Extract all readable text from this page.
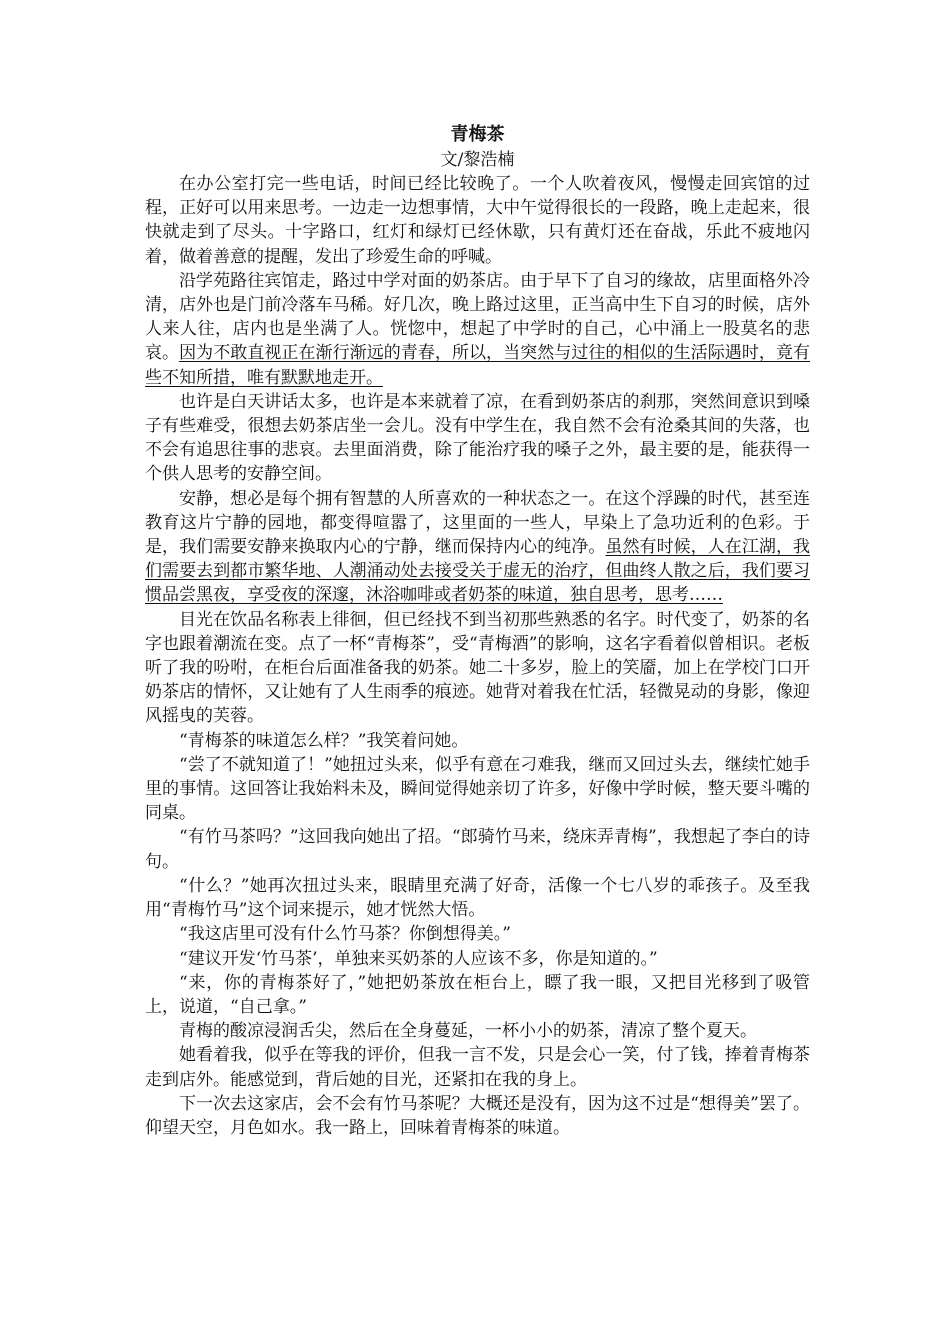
青梅茶

文/黎浩楠

在办公室打完一些电话，时间已经比较晚了。一个人吹着夜风，慢慢走回宾馆的过程，正好可以用来思考。一边走一边想事情，大中午觉得很长的一段路，晚上走起来，很快就走到了尽头。十字路口，红灯和绿灯已经休歇，只有黄灯还在奋战，乐此不疲地闪着，做着善意的提醒，发出了珍爱生命的呼喊。

沿学苑路往宾馆走，路过中学对面的奶茶店。由于早下了自习的缘故，店里面格外冷清，店外也是门前冷落车马稀。好几次，晚上路过这里，正当高中生下自习的时候，店外人来人往，店内也是坐满了人。恍惚中，想起了中学时的自己，心中涌上一股莫名的悲哀。因为不敢直视正在渐行渐远的青春，所以，当突然与过往的相似的生活际遇时，竟有些不知所措，唯有默默地走开。

也许是白天讲话太多，也许是本来就着了凉，在看到奶茶店的刹那，突然间意识到嗓子有些难受，很想去奶茶店坐一会儿。没有中学生在，我自然不会有沧桑其间的失落，也不会有追思往事的悲哀。去里面消费，除了能治疗我的嗓子之外，最主要的是，能获得一个供人思考的安静空间。

安静，想必是每个拥有智慧的人所喜欢的一种状态之一。在这个浮躁的时代，甚至连教育这片宁静的园地，都变得喧嚣了，这里面的一些人，早染上了急功近利的色彩。于是，我们需要安静来换取内心的宁静，继而保持内心的纯净。虽然有时候，人在江湖，我们需要去到都市繁华地、人潮涌动处去接受关于虚无的治疗，但曲终人散之后，我们要习惯品尝黑夜，享受夜的深邃，沐浴咖啡或者奶茶的味道，独自思考，思考……

目光在饮品名称表上徘徊，但已经找不到当初那些熟悉的名字。时代变了，奶茶的名字也跟着潮流在变。点了一杯“青梅茶”，受“青梅酒”的影响，这名字看着似曾相识。老板听了我的吩咐，在柜台后面准备我的奶茶。她二十多岁，脸上的笑靥，加上在学校门口开奶茶店的情怀，又让她有了人生雨季的痕迹。她背对着我在忙活，轻微晃动的身影，像迎风摇曳的芙蓉。

“青梅茶的味道怎么样？”我笑着问她。

“尝了不就知道了！”她扭过头来，似乎有意在刁难我，继而又回过头去，继续忙她手里的事情。这回答让我始料未及，瞬间觉得她亲切了许多，好像中学时候，整天要斗嘴的同桌。

“有竹马茶吗？”这回我向她出了招。“郎骑竹马来，绕床弄青梅”，我想起了李白的诗句。

“什么？”她再次扭过头来，眼睛里充满了好奇，活像一个七八岁的乖孩子。及至我用“青梅竹马”这个词来提示，她才恍然大悟。

“我这店里可没有什么竹马茶？你倒想得美。”

“建议开发‘竹马茶’，单独来买奶茶的人应该不多，你是知道的。”

“来，你的青梅茶好了，”她把奶茶放在柜台上，瞟了我一眼，又把目光移到了吸管上，说道，“自己拿。”

青梅的酸凉浸润舌尖，然后在全身蔓延，一杯小小的奶茶，清凉了整个夏天。

她看着我，似乎在等我的评价，但我一言不发，只是会心一笑，付了钱，捧着青梅茶走到店外。能感觉到，背后她的目光，还紧扣在我的身上。

下一次去这家店，会不会有竹马茶呢？大概还是没有，因为这不过是“想得美”罢了。仰望天空，月色如水。我一路上，回味着青梅茶的味道。
